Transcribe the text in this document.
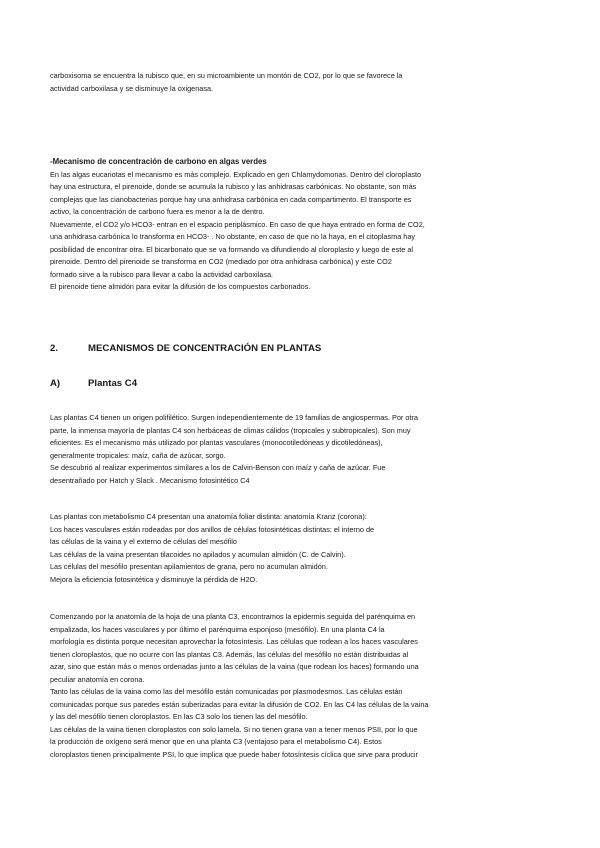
carboxisoma se encuentra la rubisco que, en su microambiente un montón de CO2, por lo que se favorece la
actividad carboxilasa y se disminuye la oxigenasa.
-Mecanismo de concentración de carbono en algas verdes
En las algas eucariotas el mecanismo es más complejo. Explicado en gen Chlamydomonas. Dentro del cloroplasto
hay una estructura, el pirenoide, donde se acumula la rubisco y las anhidrasas carbónicas. No obstante, son más
complejas que las cianobacterias porque hay una anhidrasa carbónica en cada compartimento. El transporte es
activo, la concentración de carbono fuera es menor a la de dentro.
Nuevamente, el CO2 y/o HCO3- entran en el espacio periplásmico. En caso de que haya entrado en forma de CO2,
una anhidrasa carbónica lo transforma en HCO3- . No obstante, en caso de que no la haya, en el citoplasma hay
posibilidad de encontrar otra. El bicarbonato que se va formando va difundiendo al cloroplasto y luego de este al
pirenoide. Dentro del pirenoide se transforma en CO2 (mediado por otra anhidrasa carbónica) y este CO2
formado sirve a la rubisco para llevar a cabo la actividad carboxilasa.
El pirenoide tiene almidón para evitar la difusión de los compuestos carbonados.
2.	MECANISMOS DE CONCENTRACIÓN EN PLANTAS
A)	Plantas C4
Las plantas C4 tienen un origen polifilético. Surgen independientemente de 19 familias de angiospermas. Por otra
parte, la inmensa mayoría de plantas C4 son herbáceas de climas cálidos (tropicales y subtropicales). Son muy
eficientes. Es el mecanismo más utilizado por plantas vasculares (monocotiledóneas y dicotiledóneas),
generalmente tropicales: maíz, caña de azúcar, sorgo.
Se descubrió al realizar experimentos similares a los de Calvin-Benson con maíz y caña de azúcar. Fue
desentrañado por Hatch y Slack . Mecanismo fotosintético C4
Las plantas con metabolismo C4 presentan una anatomía foliar distinta: anatomía Kranz (corona):
Los haces vasculares están rodeadas por dos anillos de células fotosintéticas distintas: el interno de
las células de la vaina y el externo de células del mesófilo
Las células de la vaina presentan tilacoides no apilados y acumulan almidón (C. de Calvin).
Las células del mesófilo presentan apilamientos de grana, pero no acumulan almidón.
Mejora la eficiencia fotosintética y disminuye la pérdida de H2O.
Comenzando por la anatomía de la hoja de una planta C3, encontramos la epidermis seguida del parénquima en
empalizada, los haces vasculares y por último el parénquima esponjoso (mesófilo). En una planta C4 la
morfología es distinta porque necesitan aprovechar la fotosíntesis. Las células que rodean a los haces vasculares
tienen cloroplastos, que no ocurre con las plantas C3. Además, las células del mesófilo no están distribuidas al
azar, sino que están más o menos ordenadas junto a las células de la vaina (que rodean los haces) formando una
peculiar anatomía en corona.
Tanto las células de la vaina como las del mesófilo están comunicadas por plasmodesmos. Las células están
comunicadas porque sus paredes están suberizadas para evitar la difusión de CO2. En las C4 las células de la vaina
y las del mesófilo tienen cloroplastos. En las C3 solo los tienen las del mesófilo.
Las células de la vaina tienen cloroplastos con solo lamela. Si no tienen grana van a tener menos PSII, por lo que
la producción de oxígeno será menor que en una planta C3 (ventajoso para el metabolismo C4). Estos
cloroplastos tienen principalmente PSI, lo que implica que puede haber fotosíntesis cíclica que sirve para producir
